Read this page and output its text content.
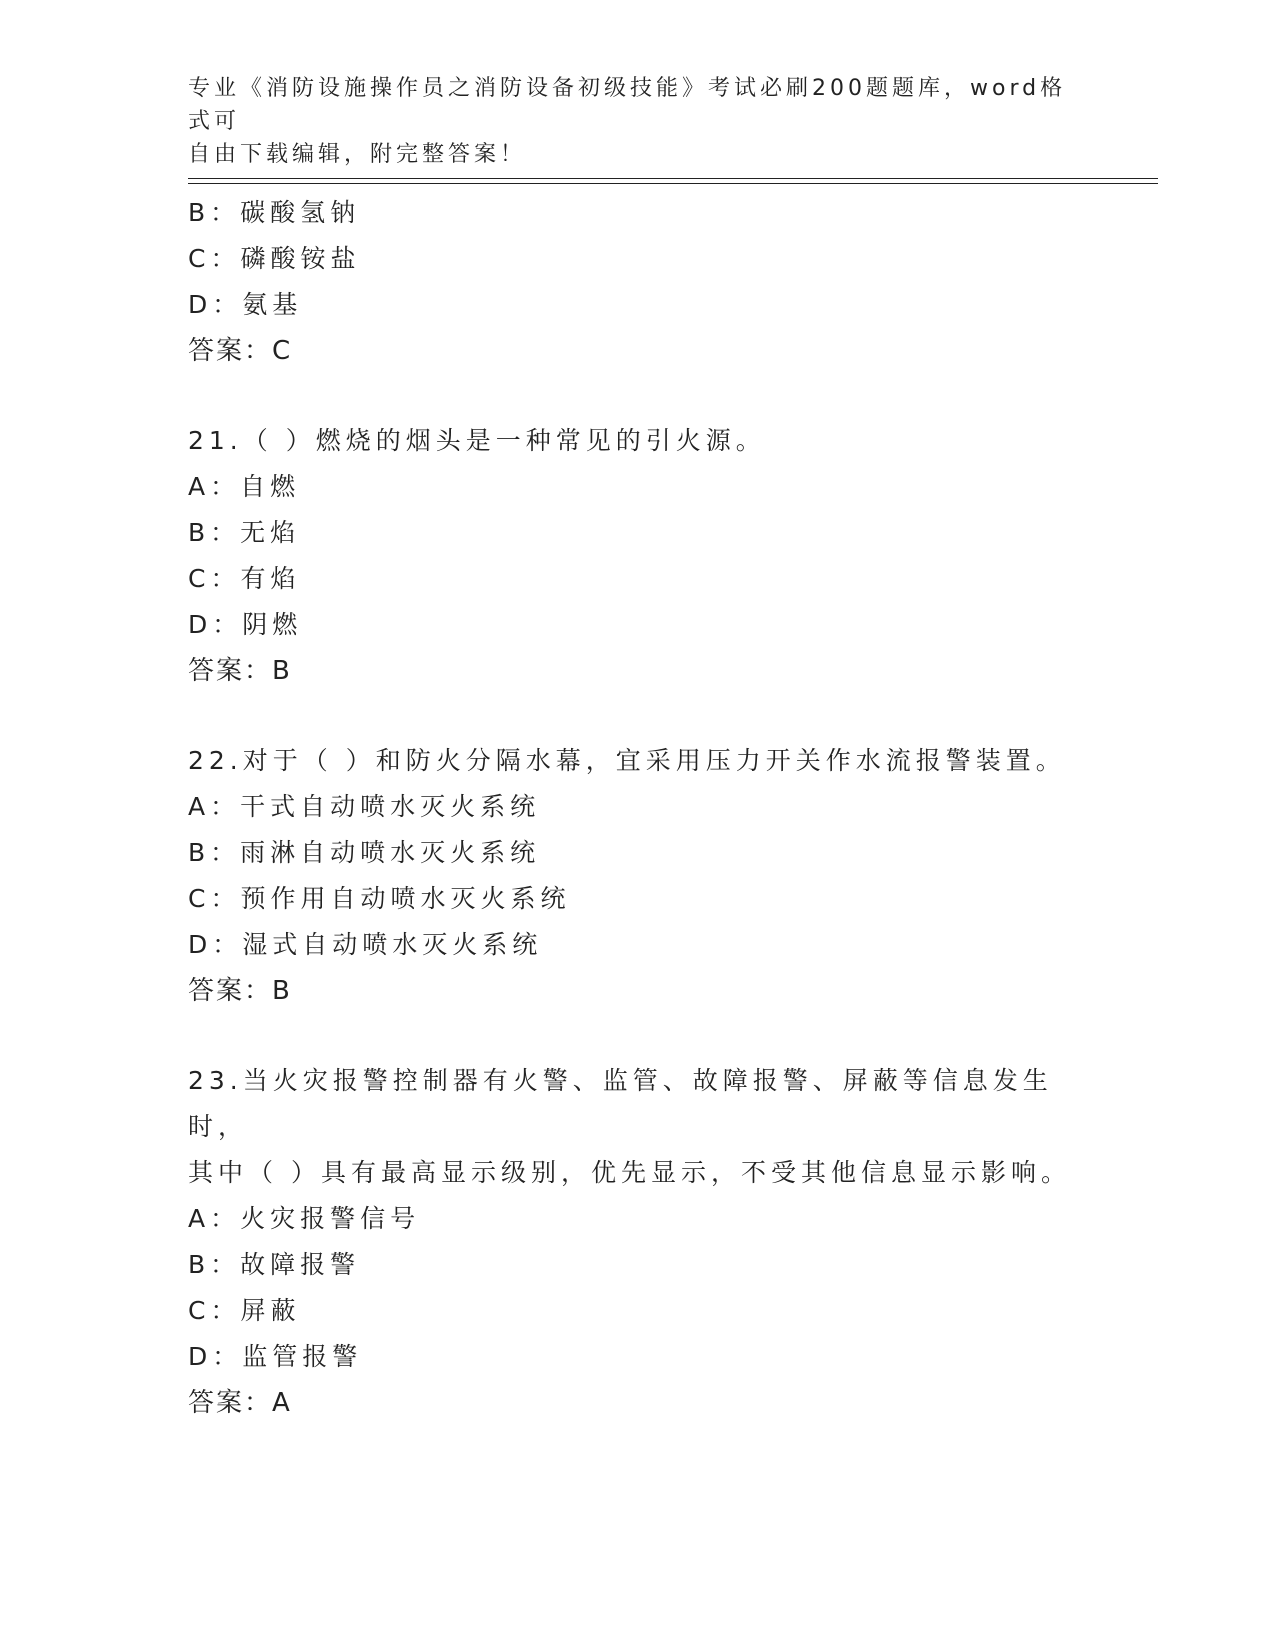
专业《消防设施操作员之消防设备初级技能》考试必刷200题题库，word格式可
自由下载编辑，附完整答案！
B：碳酸氢钠
C：磷酸铵盐
D：氨基
答案：C
21.（ ）燃烧的烟头是一种常见的引火源。
A：自燃
B：无焰
C：有焰
D：阴燃
答案：B
22.对于（ ）和防火分隔水幕，宜采用压力开关作水流报警装置。
A：干式自动喷水灭火系统
B：雨淋自动喷水灭火系统
C：预作用自动喷水灭火系统
D：湿式自动喷水灭火系统
答案：B
23.当火灾报警控制器有火警、监管、故障报警、屏蔽等信息发生时，
其中（ ）具有最高显示级别，优先显示，不受其他信息显示影响。
A：火灾报警信号
B：故障报警
C：屏蔽
D：监管报警
答案：A
